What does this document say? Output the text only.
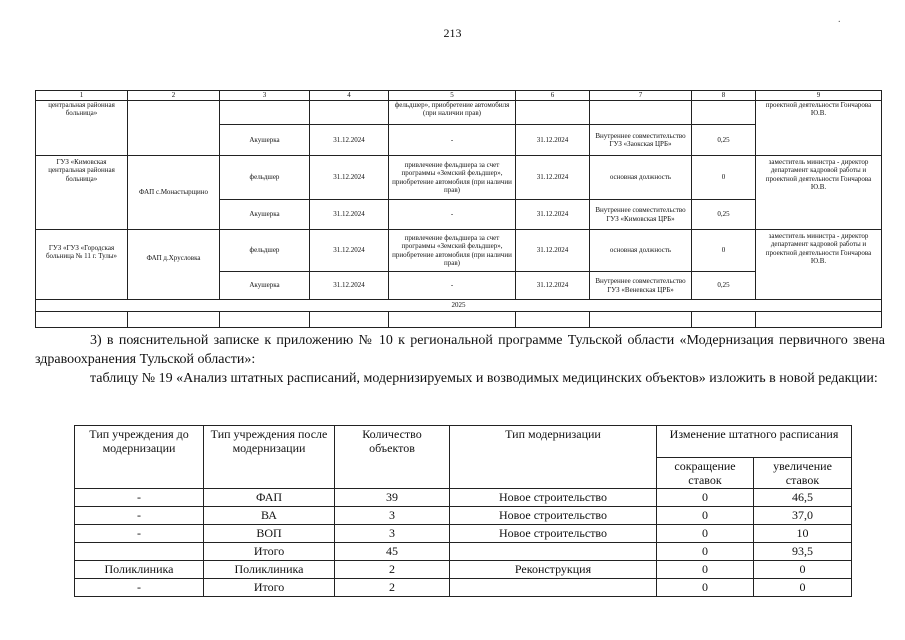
213
.
1	2	3	4	5	6	7	8	9
центральная районная больница»				фельдшер», приобретение автомобиля (при наличии прав)				проектной деятельности Гончарова Ю.В.
		Акушерка	31.12.2024	-	31.12.2024	Внутреннее совместительство ГУЗ «Заокская ЦРБ»	0,25	
ГУЗ «Кимовская центральная районная больница»	ФАП с.Монастырщино	фельдшер	31.12.2024	привлечение фельдшера за счет программы «Земский фельдшер», приобретение автомобиля (при наличии прав)	31.12.2024	основная должность	0	заместитель министра - директор департамент кадровой работы и проектной деятельности Гончарова Ю.В.
		Акушерка	31.12.2024	-	31.12.2024	Внутреннее совместительство ГУЗ «Кимовская ЦРБ»	0,25	
ГУЗ «ГУЗ «Городская больница № 11 г. Тулы»	ФАП д.Хрусловка	фельдшер	31.12.2024	привлечение фельдшера за счет программы «Земский фельдшер», приобретение автомобиля (при наличии прав)	31.12.2024	основная должность	0	заместитель министра - директор департамент кадровой работы и проектной деятельности Гончарова Ю.В.
		Акушерка	31.12.2024	-	31.12.2024	Внутреннее совместительство ГУЗ «Веневская ЦРБ»	0,25	
2025								

3) в пояснительной записке к приложению № 10 к региональной программе Тульской области «Модернизация первичного звена здравоохранения Тульской области»:

таблицу № 19 «Анализ штатных расписаний, модернизируемых и возводимых медицинских объектов» изложить в новой редакции:

Тип учреждения до модернизации	Тип учреждения после модернизации	Количество объектов	Тип модернизации	Изменение штатного расписания	
				сокращение ставок	увеличение ставок
-	ФАП	39	Новое строительство	0	46,5
-	ВА	3	Новое строительство	0	37,0
-	ВОП	3	Новое строительство	0	10
	Итого	45		0	93,5
Поликлиника	Поликлиника	2	Реконструкция	0	0
-	Итого	2		0	0
